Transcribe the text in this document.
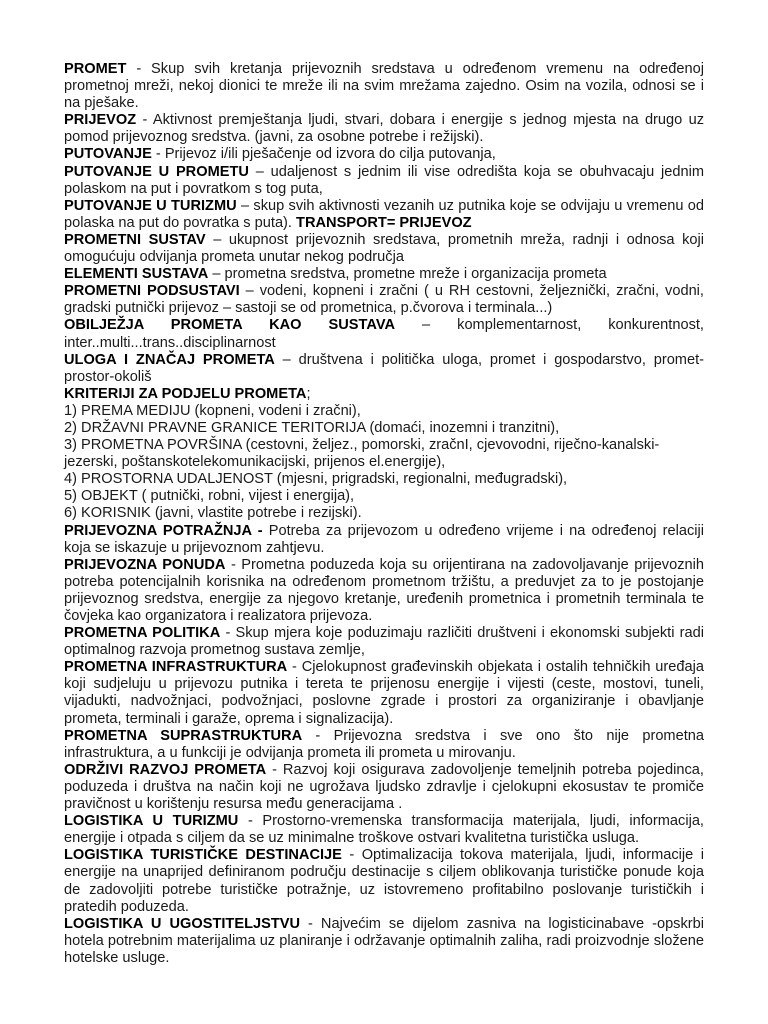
PROMET - Skup svih kretanja prijevoznih sredstava u određenom vremenu na određenoj prometnoj mreži, nekoj dionici te mreže ili na svim mrežama zajedno. Osim na vozila, odnosi se i na pješake.

PRIJEVOZ - Aktivnost premještanja ljudi, stvari, dobara i energije s jednog mjesta na drugo uz pomod prijevoznog sredstva. (javni, za osobne potrebe i režijski).

PUTOVANJE - Prijevoz i/ili pješačenje od izvora do cilja putovanja,

PUTOVANJE U PROMETU – udaljenost s jednim ili vise odredišta koja se obuhvacaju jednim polaskom na put i povratkom s tog puta,

PUTOVANJE U TURIZMU – skup svih aktivnosti vezanih uz putnika koje se odvijaju u vremenu od polaska na put do povratka s puta). TRANSPORT= PRIJEVOZ

PROMETNI SUSTAV – ukupnost prijevoznih sredstava, prometnih mreža, radnji i odnosa koji omogućuju odvijanja prometa unutar nekog područja

ELEMENTI SUSTAVA – prometna sredstva, prometne mreže i organizacija prometa

PROMETNI PODSUSTAVI – vodeni, kopneni i zračni ( u RH cestovni, željeznički, zračni, vodni, gradski putnički prijevoz – sastoji se od prometnica, p.čvorova i terminala...)

OBILJEŽJA PROMETA KAO SUSTAVA – komplementarnost, konkurentnost, inter..multi...trans..disciplinarnost

ULOGA I ZNAČAJ PROMETA – društvena i politička uloga, promet i gospodarstvo, promet-prostor-okoliš

KRITERIJI ZA PODJELU PROMETA;

1) PREMA MEDIJU (kopneni, vodeni i zračni),

2) DRŽAVNI PRAVNE GRANICE TERITORIJA (domaći, inozemni i tranzitni),

3) PROMETNA POVRŠINA (cestovni, željez., pomorski, zračnI, cjevovodni, riječno-kanalski-jezerski, poštanskotelekomunikacijski, prijenos el.energije),

4) PROSTORNA UDALJENOST (mjesni, prigradski, regionalni, međugradski),

5) OBJEKT ( putnički, robni, vijest i energija),

6) KORISNIK (javni, vlastite potrebe i rezijski).

PRIJEVOZNA POTRAŽNJA - Potreba za prijevozom u određeno vrijeme i na određenoj relaciji koja se iskazuje u prijevoznom zahtjevu.

PRIJEVOZNA PONUDA - Prometna poduzeda koja su orijentirana na zadovoljavanje prijevoznih potreba potencijalnih korisnika na određenom prometnom tržištu, a preduvjet za to je postojanje prijevoznog sredstva, energije za njegovo kretanje, uređenih prometnica i prometnih terminala te čovjeka kao organizatora i realizatora prijevoza.

PROMETNA POLITIKA - Skup mjera koje poduzimaju različiti društveni i ekonomski subjekti radi optimalnog razvoja prometnog sustava zemlje,

PROMETNA INFRASTRUKTURA - Cjelokupnost građevinskih objekata i ostalih tehničkih uređaja koji sudjeluju u prijevozu putnika i tereta te prijenosu energije i vijesti (ceste, mostovi, tuneli, vijadukti, nadvožnjaci, podvožnjaci, poslovne zgrade i prostori za organiziranje i obavljanje prometa, terminali i garaže, oprema i signalizacija).

PROMETNA SUPRASTRUKTURA - Prijevozna sredstva i sve ono što nije prometna infrastruktura, a u funkciji je odvijanja prometa ili prometa u mirovanju.

ODRŽIVI RAZVOJ PROMETA - Razvoj koji osigurava zadovoljenje temeljnih potreba pojedinca, poduzeda i društva na način koji ne ugrožava ljudsko zdravlje i cjelokupni ekosustav te promiče pravičnost u korištenju resursa među generacijama .

LOGISTIKA U TURIZMU - Prostorno-vremenska transformacija materijala, ljudi, informacija, energije i otpada s ciljem da se uz minimalne troškove ostvari kvalitetna turistička usluga.

LOGISTIKA TURISTIČKE DESTINACIJE - Optimalizacija tokova materijala, ljudi, informacije i energije na unaprijed definiranom području destinacije s ciljem oblikovanja turističke ponude koja de zadovoljiti potrebe turističke potražnje, uz istovremeno profitabilno poslovanje turističkih i pratedih poduzeda.

LOGISTIKA U UGOSTITELJSTVU - Najvećim se dijelom zasniva na logisticinabave -opskrbi hotela potrebnim materijalima uz planiranje i održavanje optimalnih zaliha, radi proizvodnje složene hotelske usluge.
